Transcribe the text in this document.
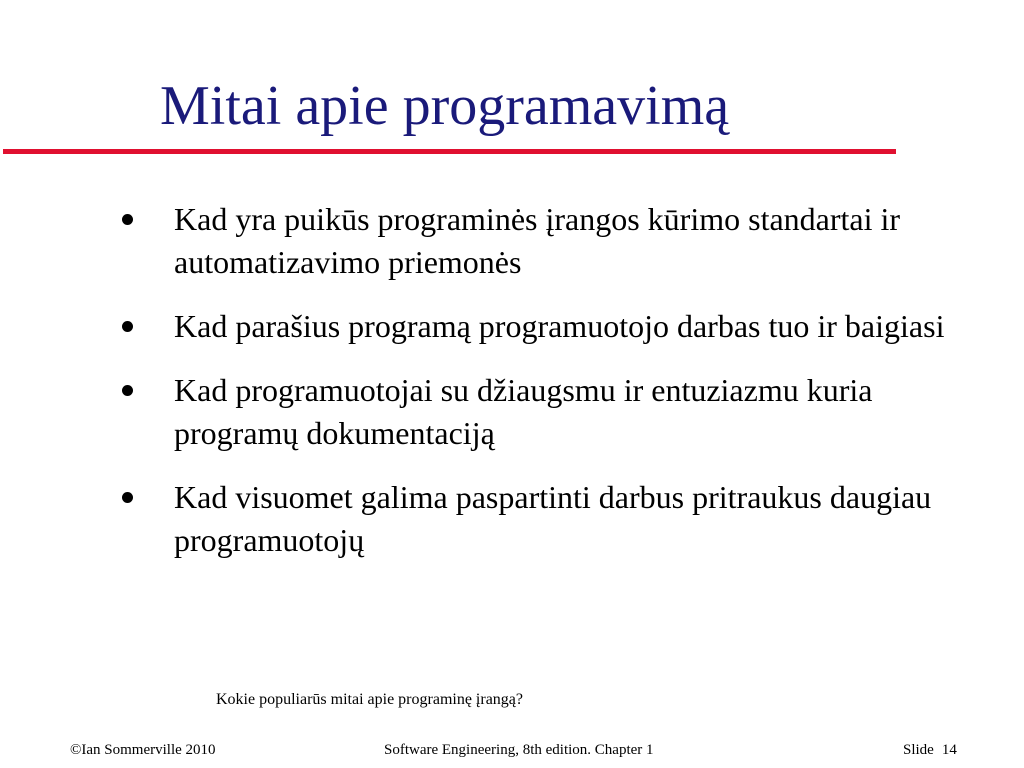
Mitai apie programavimą
Kad yra puikūs programinės įrangos kūrimo standartai ir automatizavimo priemonės
Kad parašius programą programuotojo darbas tuo ir baigiasi
Kad programuotojai su džiaugsmu ir entuziazmu kuria programų dokumentaciją
Kad visuomet galima paspartinti darbus pritraukus daugiau programuotojų
Kokie populiarūs mitai apie programinę įrangą?
©Ian Sommerville 2010	Software Engineering, 8th edition. Chapter 1	Slide 14
